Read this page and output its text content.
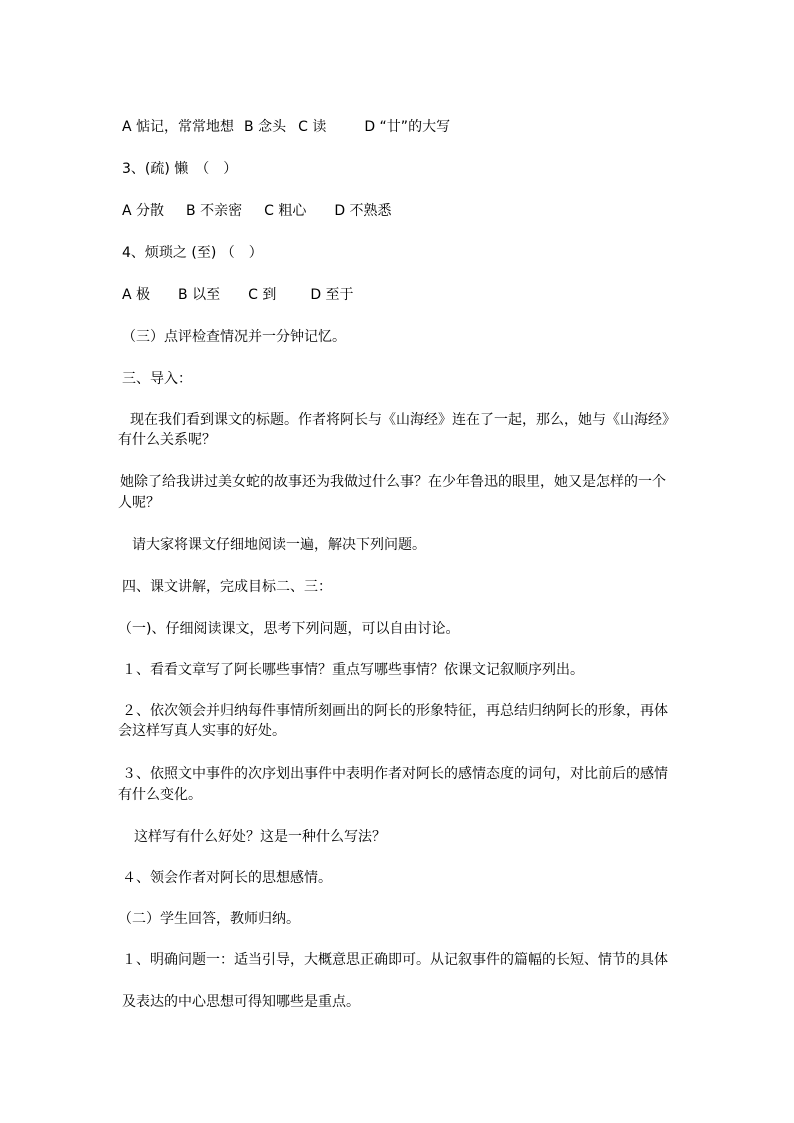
A 惦记，常常地想 B 念头 C 读	D “廿”的大写
3、(疏) 懒　（　）
A 分散 B 不亲密 C 粗心 D 不熟悉
4、烦琐之 (至) （　）
A 极 B 以至 C 到 D 至于
（三）点评检查情况并一分钟记忆。
三、导入：
现在我们看到课文的标题。作者将阿长与《山海经》连在了一起，那么，她与《山海经》
有什么关系呢？
她除了给我讲过美女蛇的故事还为我做过什么事？在少年鲁迅的眼里，她又是怎样的一个
人呢？
请大家将课文仔细地阅读一遍，解决下列问题。
四、课文讲解，完成目标二、三：
（一)、仔细阅读课文，思考下列问题，可以自由讨论。
１、看看文章写了阿长哪些事情？重点写哪些事情？依课文记叙顺序列出。
２、依次领会并归纳每件事情所刻画出的阿长的形象特征，再总结归纳阿长的形象，再体
会这样写真人实事的好处。
３、依照文中事件的次序划出事件中表明作者对阿长的感情态度的词句，对比前后的感情
有什么变化。
这样写有什么好处？这是一种什么写法？
４、领会作者对阿长的思想感情。
（二）学生回答，教师归纳。
１、明确问题一：适当引导，大概意思正确即可。从记叙事件的篇幅的长短、情节的具体
及表达的中心思想可得知哪些是重点。
